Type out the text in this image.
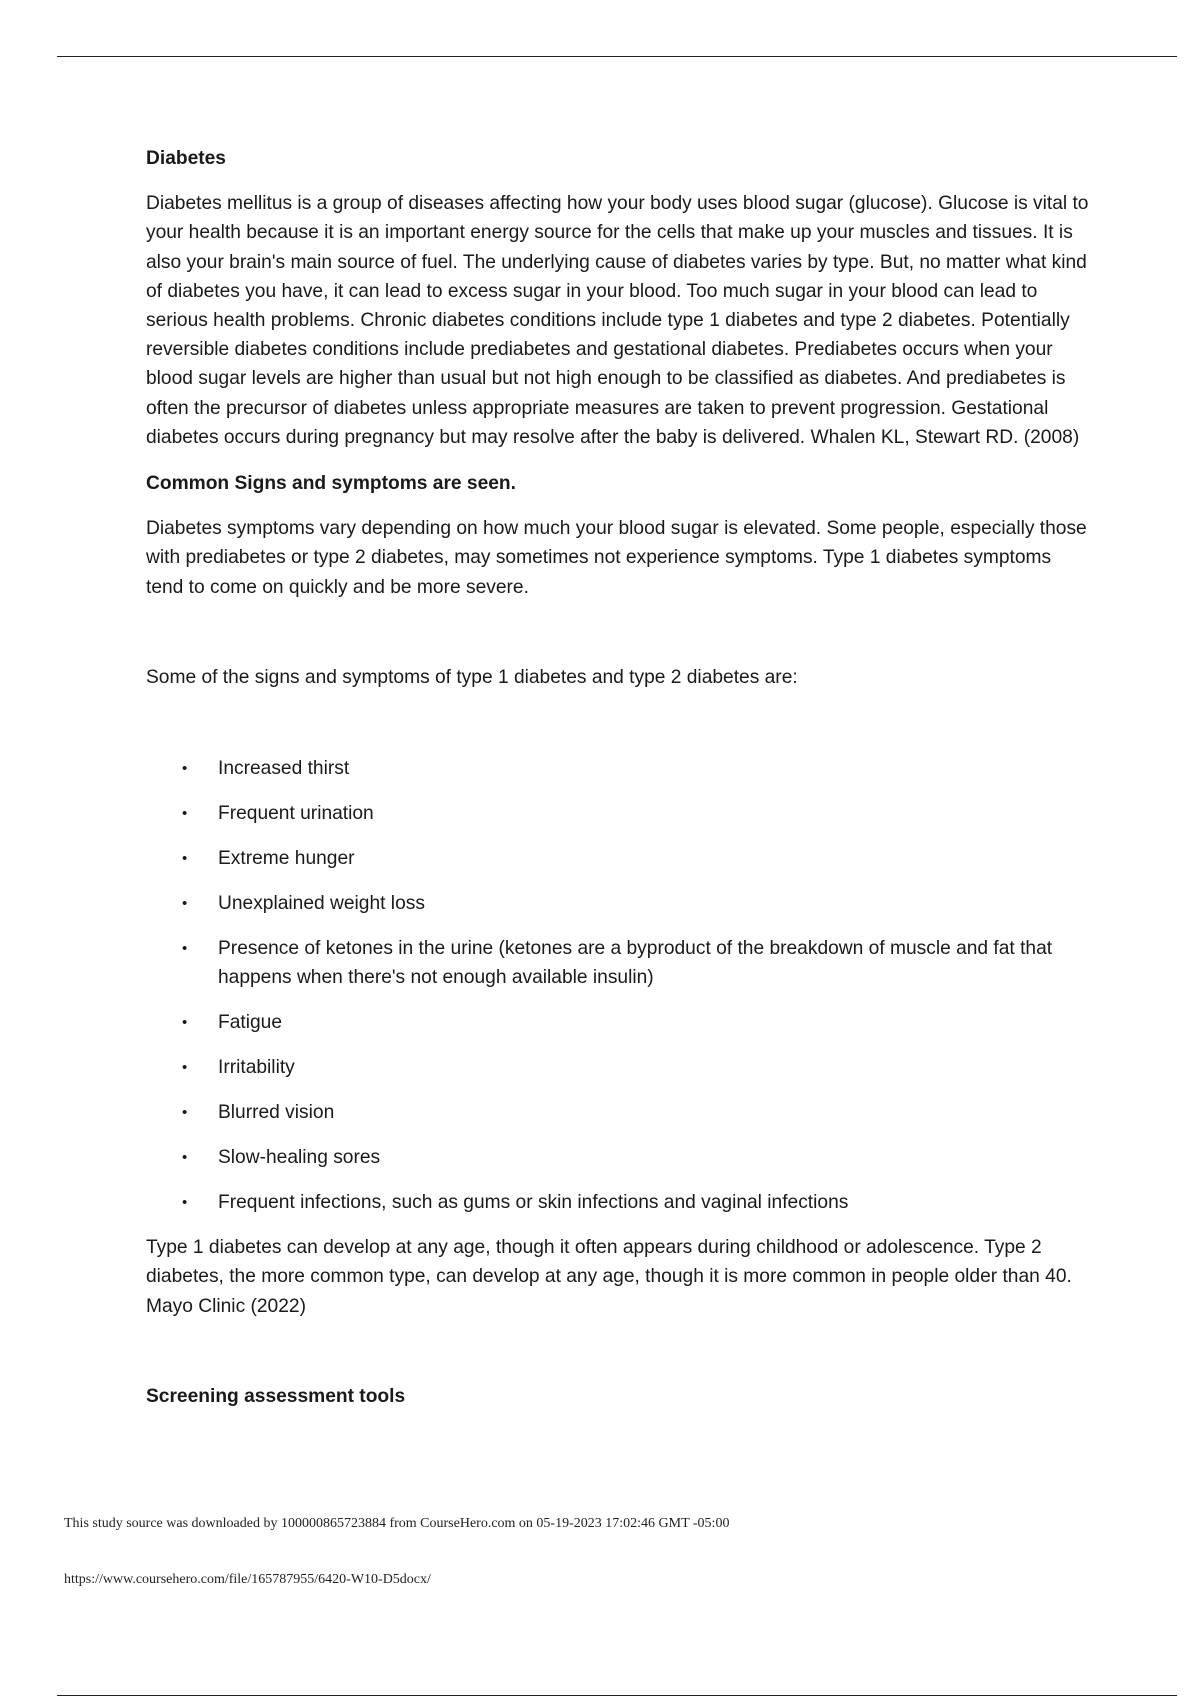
Diabetes

Diabetes mellitus is a group of diseases affecting how your body uses blood sugar (glucose). Glucose is vital to your health because it is an important energy source for the cells that make up your muscles and tissues. It is also your brain's main source of fuel. The underlying cause of diabetes varies by type. But, no matter what kind of diabetes you have, it can lead to excess sugar in your blood. Too much sugar in your blood can lead to serious health problems. Chronic diabetes conditions include type 1 diabetes and type 2 diabetes. Potentially reversible diabetes conditions include prediabetes and gestational diabetes. Prediabetes occurs when your blood sugar levels are higher than usual but not high enough to be classified as diabetes. And prediabetes is often the precursor of diabetes unless appropriate measures are taken to prevent progression. Gestational diabetes occurs during pregnancy but may resolve after the baby is delivered. Whalen KL, Stewart RD. (2008)

Common Signs and symptoms are seen.

Diabetes symptoms vary depending on how much your blood sugar is elevated. Some people, especially those with prediabetes or type 2 diabetes, may sometimes not experience symptoms. Type 1 diabetes symptoms tend to come on quickly and be more severe.

Some of the signs and symptoms of type 1 diabetes and type 2 diabetes are:

• Increased thirst
• Frequent urination
• Extreme hunger
• Unexplained weight loss
• Presence of ketones in the urine (ketones are a byproduct of the breakdown of muscle and fat that happens when there's not enough available insulin)
• Fatigue
• Irritability
• Blurred vision
• Slow-healing sores
• Frequent infections, such as gums or skin infections and vaginal infections

Type 1 diabetes can develop at any age, though it often appears during childhood or adolescence. Type 2 diabetes, the more common type, can develop at any age, though it is more common in people older than 40. Mayo Clinic (2022)

Screening assessment tools

This study source was downloaded by 100000865723884 from CourseHero.com on 05-19-2023 17:02:46 GMT -05:00
https://www.coursehero.com/file/165787955/6420-W10-D5docx/
